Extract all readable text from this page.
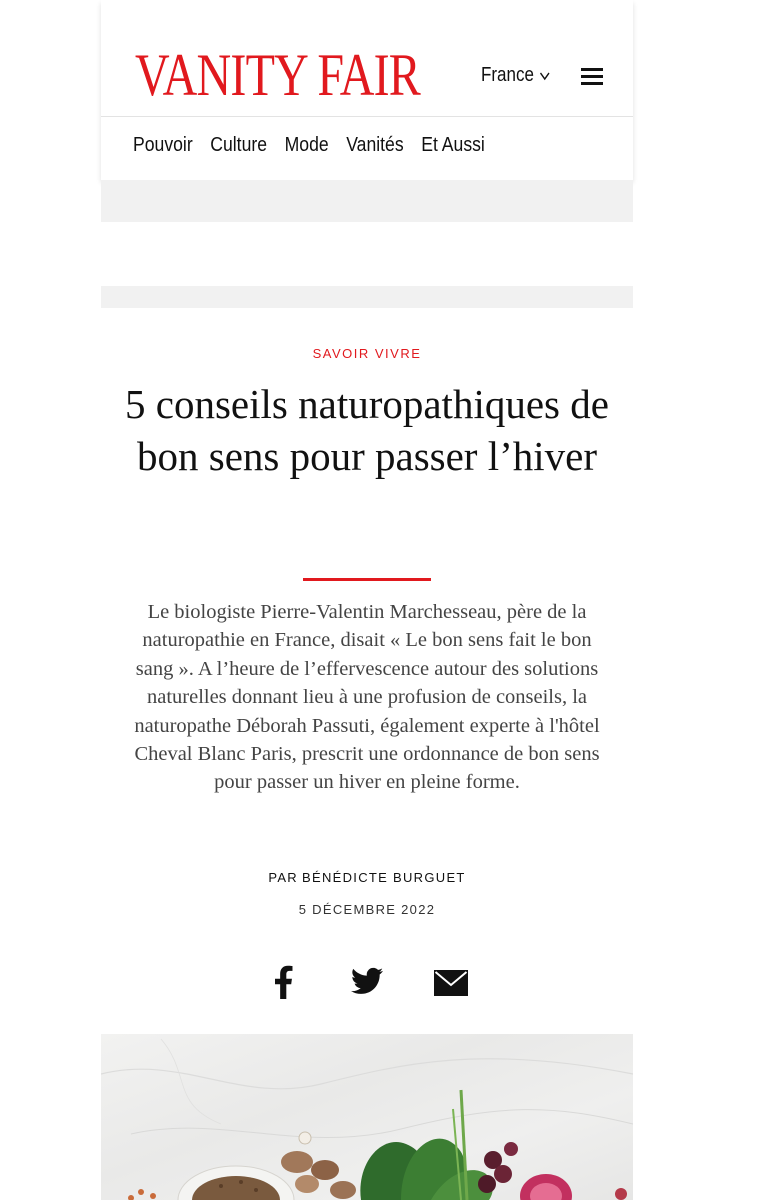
VANITY FAIR	France
Pouvoir Culture Mode Vanités Et Aussi
SAVOIR VIVRE
5 conseils naturopathiques de bon sens pour passer l’hiver

Le biologiste Pierre-Valentin Marchesseau, père de la naturopathie en France, disait « Le bon sens fait le bon sang ». A l’heure de l’effervescence autour des solutions naturelles donnant lieu à une profusion de conseils, la naturopathe Déborah Passuti, également experte à l'hôtel Cheval Blanc Paris, prescrit une ordonnance de bon sens pour passer un hiver en pleine forme.

PAR BÉNÉDICTE BURGUET
5 DÉCEMBRE 2022
